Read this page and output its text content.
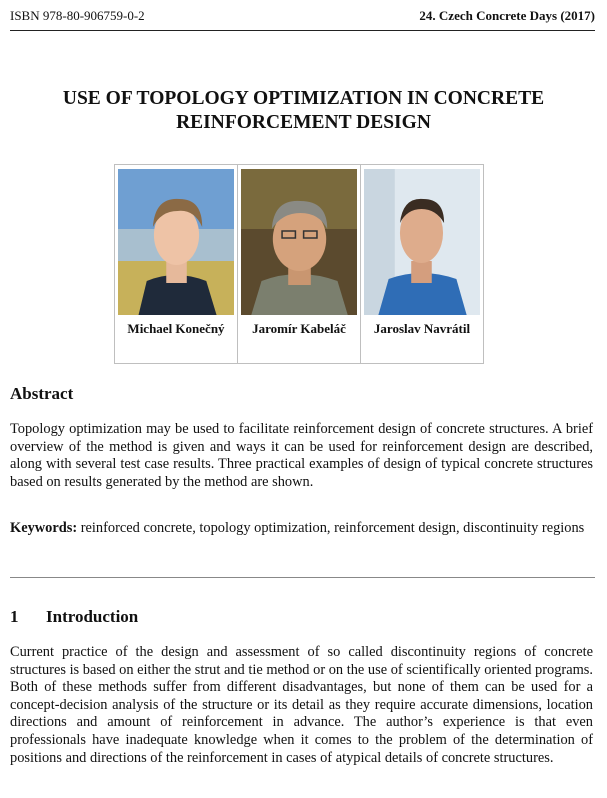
ISBN 978-80-906759-0-2	24. Czech Concrete Days (2017)
USE OF TOPOLOGY OPTIMIZATION IN CONCRETE
REINFORCEMENT DESIGN
Michael Konečný	Jaromír Kabeláč	Jaroslav Navrátil
Abstract
Topology optimization may be used to facilitate reinforcement design of concrete structures. A brief overview of the method is given and ways it can be used for reinforcement design are described, along with several test case results. Three practical examples of design of typical concrete structures based on results generated by the method are shown.
Keywords: reinforced concrete, topology optimization, reinforcement design, discontinuity regions
1 Introduction
Current practice of the design and assessment of so called discontinuity regions of concrete structures is based on either the strut and tie method or on the use of scientifically oriented programs. Both of these methods suffer from different disadvantages, but none of them can be used for a concept-decision analysis of the structure or its detail as they require accurate dimensions, location directions and amount of reinforcement in advance. The author’s experience is that even professionals have inadequate knowledge when it comes to the problem of the determination of positions and directions of the reinforcement in cases of atypical details of concrete structures.
